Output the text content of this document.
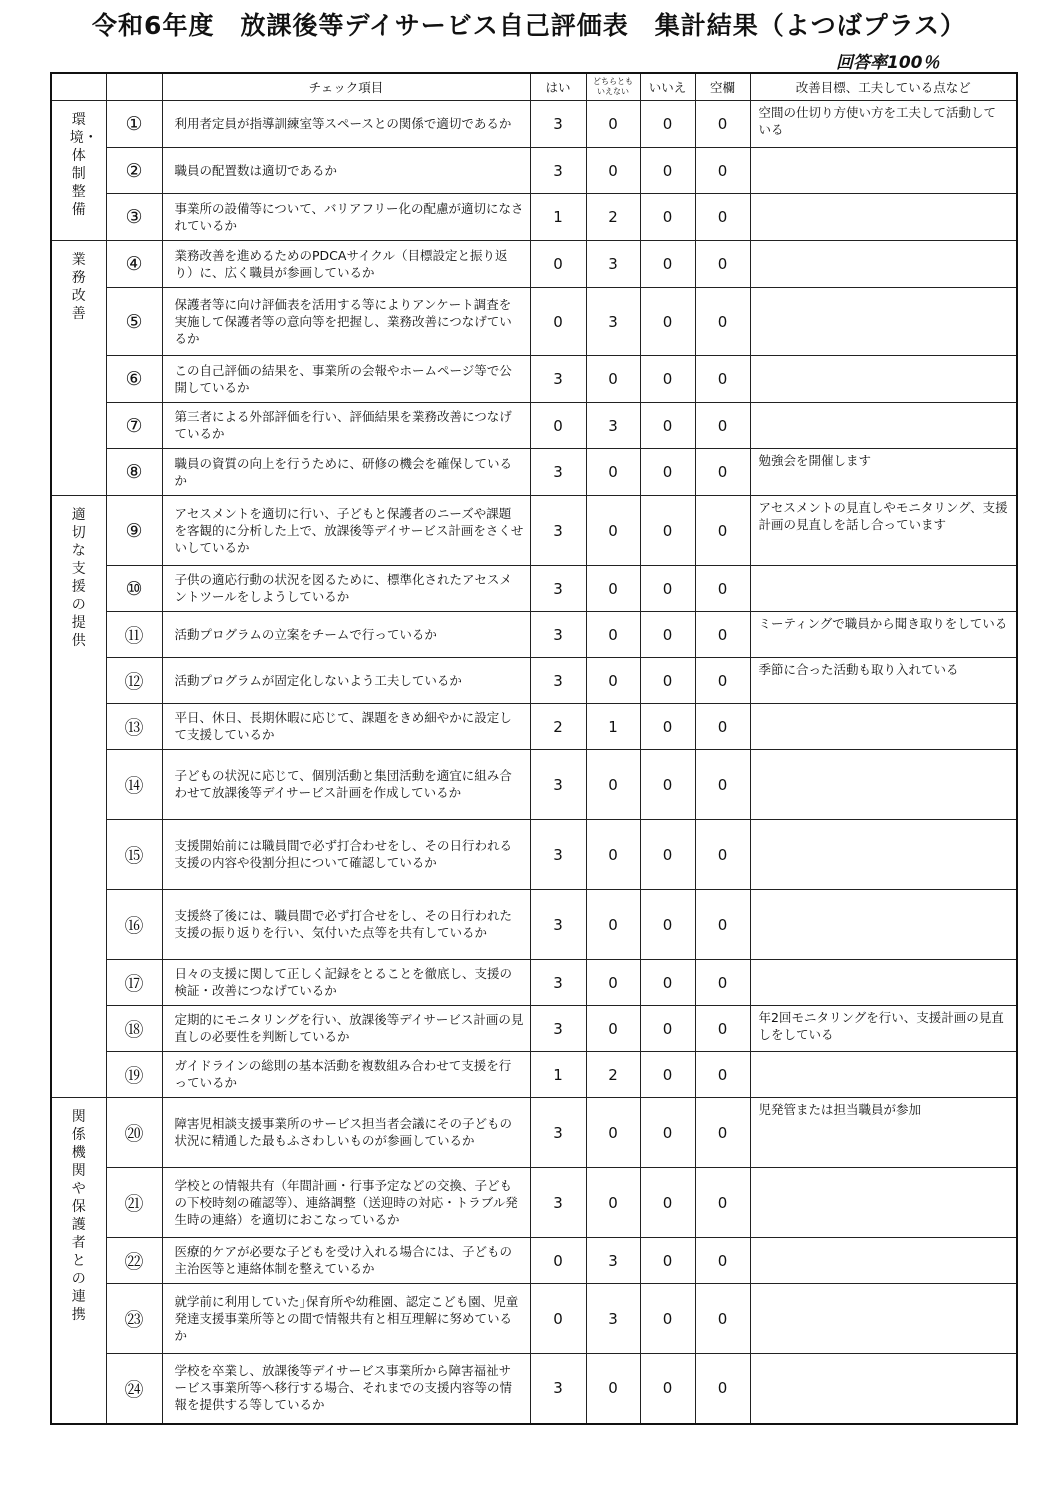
令和6年度　放課後等デイサービス自己評価表　集計結果（よつばプラス）
回答率100％
		チェック項目	はい	どちらとも
いえない	いいえ	空欄	改善目標、工夫している点など
環境・体制整備	①	利用者定員が指導訓練室等スペースとの関係で適切であるか	3	0	0	0	空間の仕切り方使い方を工夫して活動している
	②	職員の配置数は適切であるか	3	0	0	0	
	③	事業所の設備等について、バリアフリー化の配慮が適切になされているか	1	2	0	0	
業務改善	④	業務改善を進めるためのPDCAサイクル（目標設定と振り返り）に、広く職員が参画しているか	0	3	0	0	
	⑤	保護者等に向け評価表を活用する等によりアンケート調査を実施して保護者等の意向等を把握し、業務改善につなげているか	0	3	0	0	
	⑥	この自己評価の結果を、事業所の会報やホームページ等で公開しているか	3	0	0	0	
	⑦	第三者による外部評価を行い、評価結果を業務改善につなげているか	0	3	0	0	
	⑧	職員の資質の向上を行うために、研修の機会を確保しているか	3	0	0	0	勉強会を開催します
適切な支援の提供	⑨	アセスメントを適切に行い、子どもと保護者のニーズや課題を客観的に分析した上で、放課後等デイサービス計画をさくせいしているか	3	0	0	0	アセスメントの見直しやモニタリング、支援計画の見直しを話し合っています
	⑩	子供の適応行動の状況を図るために、標準化されたアセスメントツールをしようしているか	3	0	0	0	
	⑪	活動プログラムの立案をチームで行っているか	3	0	0	0	ミーティングで職員から聞き取りをしている
	⑫	活動プログラムが固定化しないよう工夫しているか	3	0	0	0	季節に合った活動も取り入れている
	⑬	平日、休日、長期休暇に応じて、課題をきめ細やかに設定して支援しているか	2	1	0	0	
	⑭	子どもの状況に応じて、個別活動と集団活動を適宜に組み合わせて放課後等デイサービス計画を作成しているか	3	0	0	0	
	⑮	支援開始前には職員間で必ず打合わせをし、その日行われる支援の内容や役割分担について確認しているか	3	0	0	0	
	⑯	支援終了後には、職員間で必ず打合せをし、その日行われた支援の振り返りを行い、気付いた点等を共有しているか	3	0	0	0	
	⑰	日々の支援に関して正しく記録をとることを徹底し、支援の検証・改善につなげているか	3	0	0	0	
	⑱	定期的にモニタリングを行い、放課後等デイサービス計画の見直しの必要性を判断しているか	3	0	0	0	年2回モニタリングを行い、支援計画の見直しをしている
	⑲	ガイドラインの総則の基本活動を複数組み合わせて支援を行っているか	1	2	0	0	
関係機関や保護者との連携	⑳	障害児相談支援事業所のサービス担当者会議にその子どもの状況に精通した最もふさわしいものが参画しているか	3	0	0	0	児発管または担当職員が参加
	㉑	学校との情報共有（年間計画・行事予定などの交換、子どもの下校時刻の確認等）、連絡調整（送迎時の対応・トラブル発生時の連絡）を適切におこなっているか	3	0	0	0	
	㉒	医療的ケアが必要な子どもを受け入れる場合には、子どもの主治医等と連絡体制を整えているか	0	3	0	0	
	㉓	就学前に利用していた｣保育所や幼稚園、認定こども園、児童発達支援事業所等との間で情報共有と相互理解に努めているか	0	3	0	0	
	㉔	学校を卒業し、放課後等デイサービス事業所から障害福祉サービス事業所等へ移行する場合、それまでの支援内容等の情報を提供する等しているか	3	0	0	0	
